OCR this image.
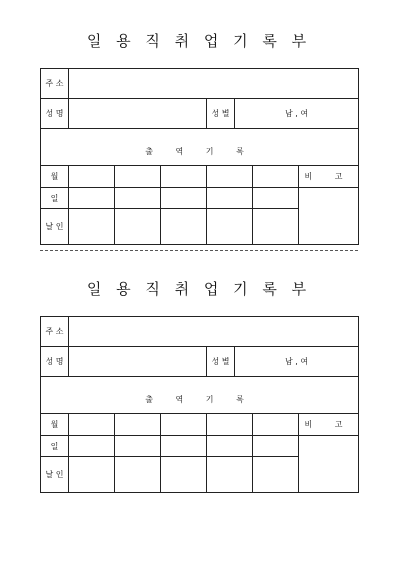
일 용 직 취 업 기 록 부
주 소						
성 명				성 별 남 , 여		

출 역 기 록						
월						비 고
일						
날 인						
일 용 직 취 업 기 록 부
주 소						
성 명				성 별 남 , 여		

출 역 기 록						
월						비 고
일						
날 인						
